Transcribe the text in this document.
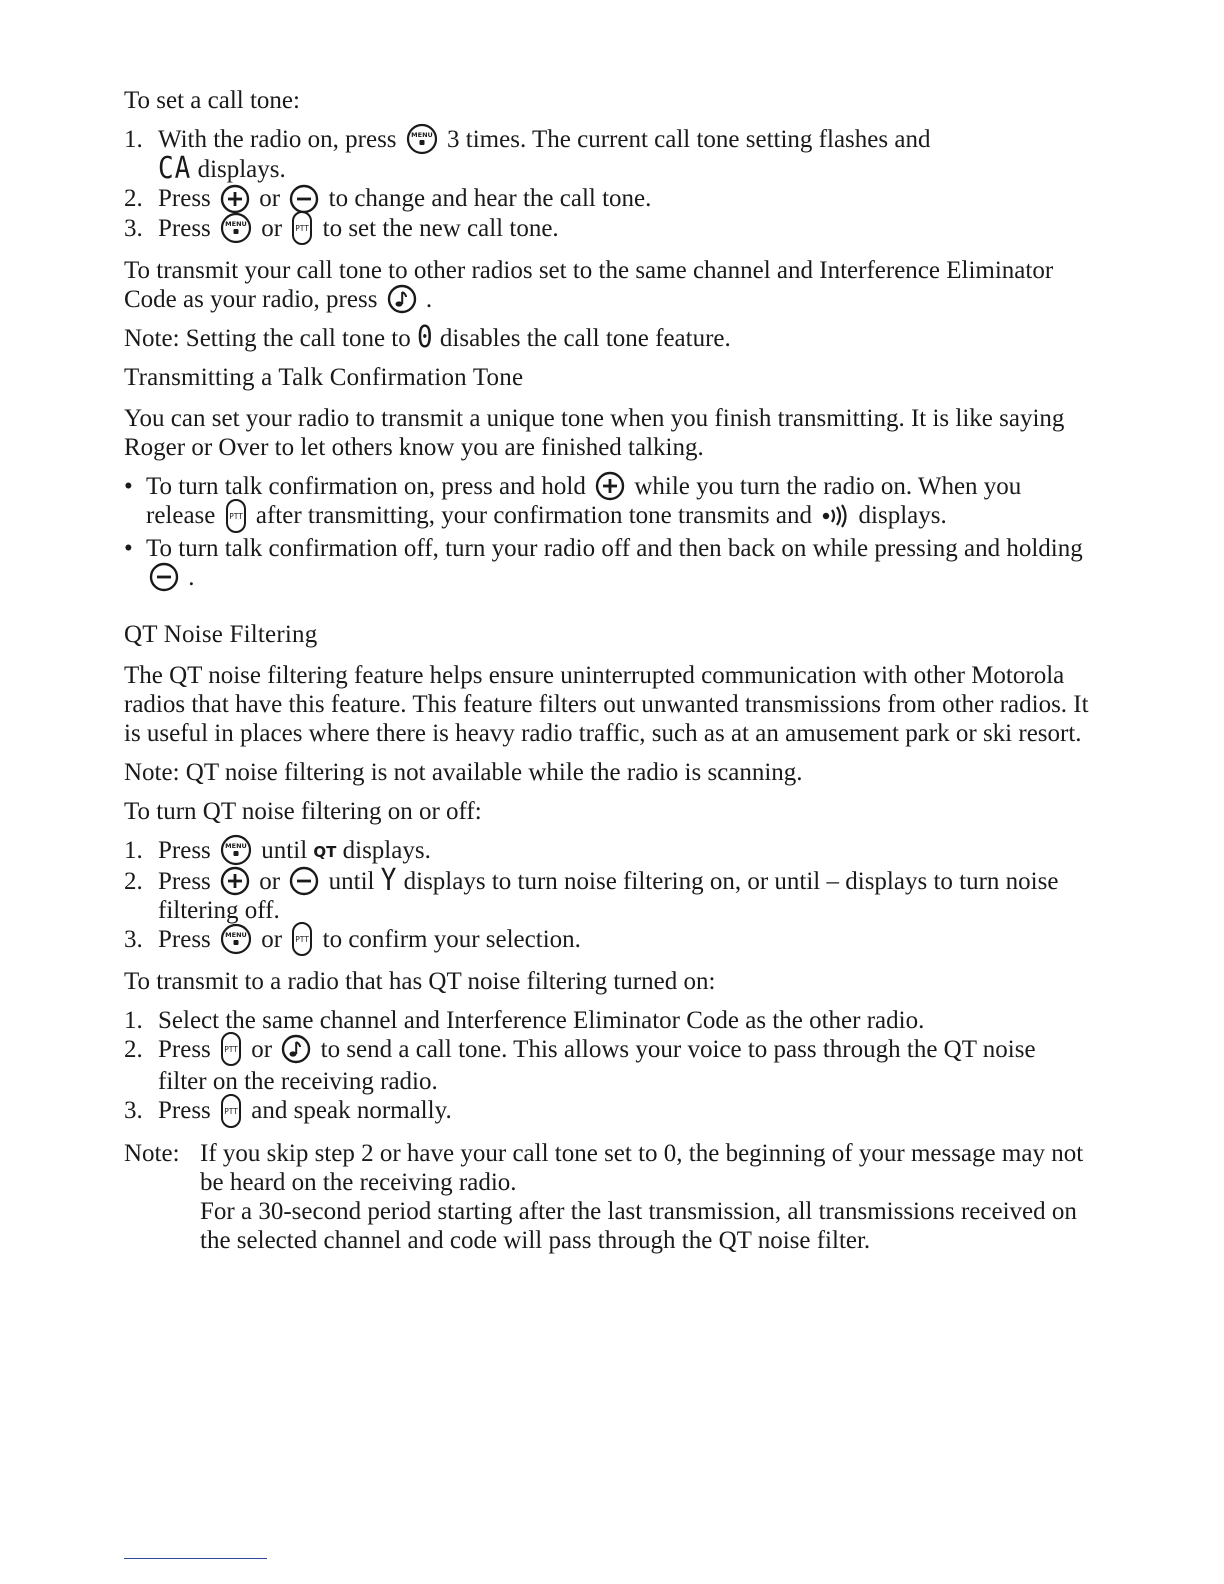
To set a call tone:

1. With the radio on, press MENU 3 times. The current call tone setting flashes and
CA displays.
2. Press or to change and hear the call tone.
3. Press MENU or PTT to set the new call tone.

To transmit your call tone to other radios set to the same channel and Interference Eliminator Code as your radio, press .

Note: Setting the call tone to 0 disables the call tone feature.

Transmitting a Talk Confirmation Tone

You can set your radio to transmit a unique tone when you finish transmitting. It is like saying Roger or Over to let others know you are finished talking.

• To turn talk confirmation on, press and hold while you turn the radio on. When you release PTT after transmitting, your confirmation tone transmits and displays.
• To turn talk confirmation off, turn your radio off and then back on while pressing and holding
.

QT Noise Filtering

The QT noise filtering feature helps ensure uninterrupted communication with other Motorola radios that have this feature. This feature filters out unwanted transmissions from other radios. It is useful in places where there is heavy radio traffic, such as at an amusement park or ski resort.

Note: QT noise filtering is not available while the radio is scanning.

To turn QT noise filtering on or off:

1. Press MENU until QT displays.
2. Press or until Y displays to turn noise filtering on, or until – displays to turn noise filtering off.
3. Press MENU or PTT to confirm your selection.

To transmit to a radio that has QT noise filtering turned on:

1. Select the same channel and Interference Eliminator Code as the other radio.
2. Press PTT or to send a call tone. This allows your voice to pass through the QT noise filter on the receiving radio.
3. Press PTT and speak normally.
Note: If you skip step 2 or have your call tone set to 0, the beginning of your message may not be heard on the receiving radio.
For a 30-second period starting after the last transmission, all transmissions received on the selected channel and code will pass through the QT noise filter.
